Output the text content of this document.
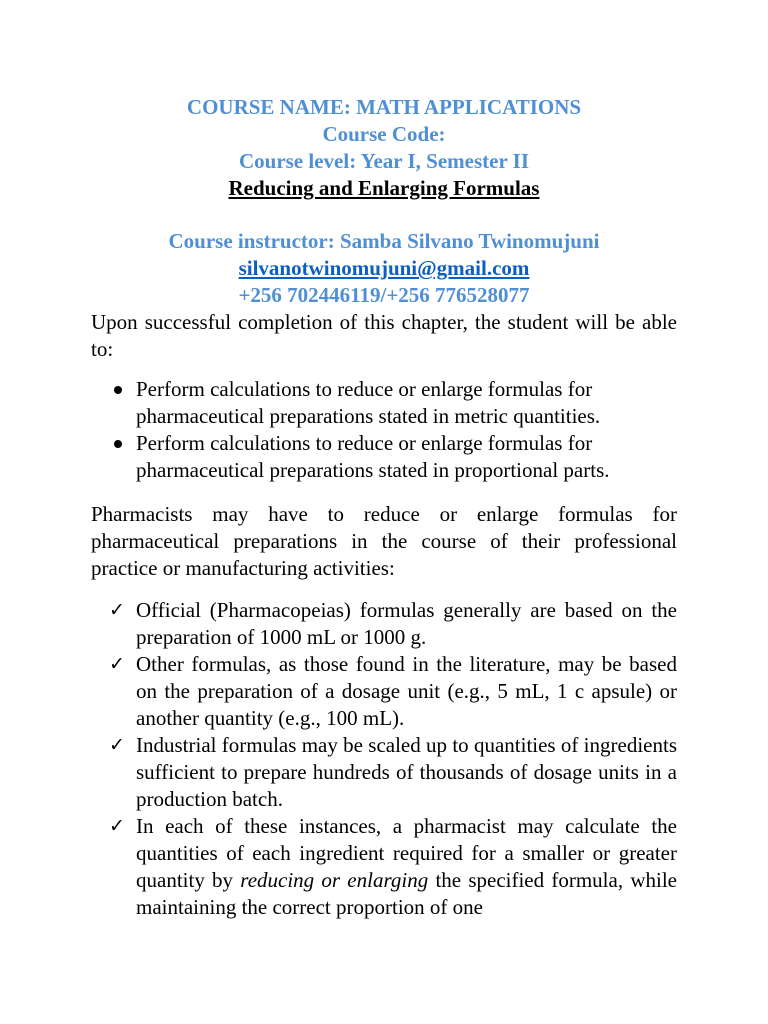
COURSE NAME: MATH APPLICATIONS
Course Code:
Course level: Year I, Semester II
Reducing and Enlarging Formulas
Course instructor: Samba Silvano Twinomujuni
silvanotwinomujuni@gmail.com
+256 702446119/+256 776528077

Upon successful completion of this chapter, the student will be able to:

Perform calculations to reduce or enlarge formulas for pharmaceutical preparations stated in metric quantities.
Perform calculations to reduce or enlarge formulas for pharmaceutical preparations stated in proportional parts.

Pharmacists may have to reduce or enlarge formulas for pharmaceutical preparations in the course of their professional practice or manufacturing activities:

✓ Official (Pharmacopeias) formulas generally are based on the preparation of 1000 mL or 1000 g.
✓ Other formulas, as those found in the literature, may be based on the preparation of a dosage unit (e.g., 5 mL, 1 c apsule) or another quantity (e.g., 100 mL).
✓ Industrial formulas may be scaled up to quantities of ingredients sufficient to prepare hundreds of thousands of dosage units in a production batch.
✓ In each of these instances, a pharmacist may calculate the quantities of each ingredient required for a smaller or greater quantity by reducing or enlarging the specified formula, while maintaining the correct proportion of one
